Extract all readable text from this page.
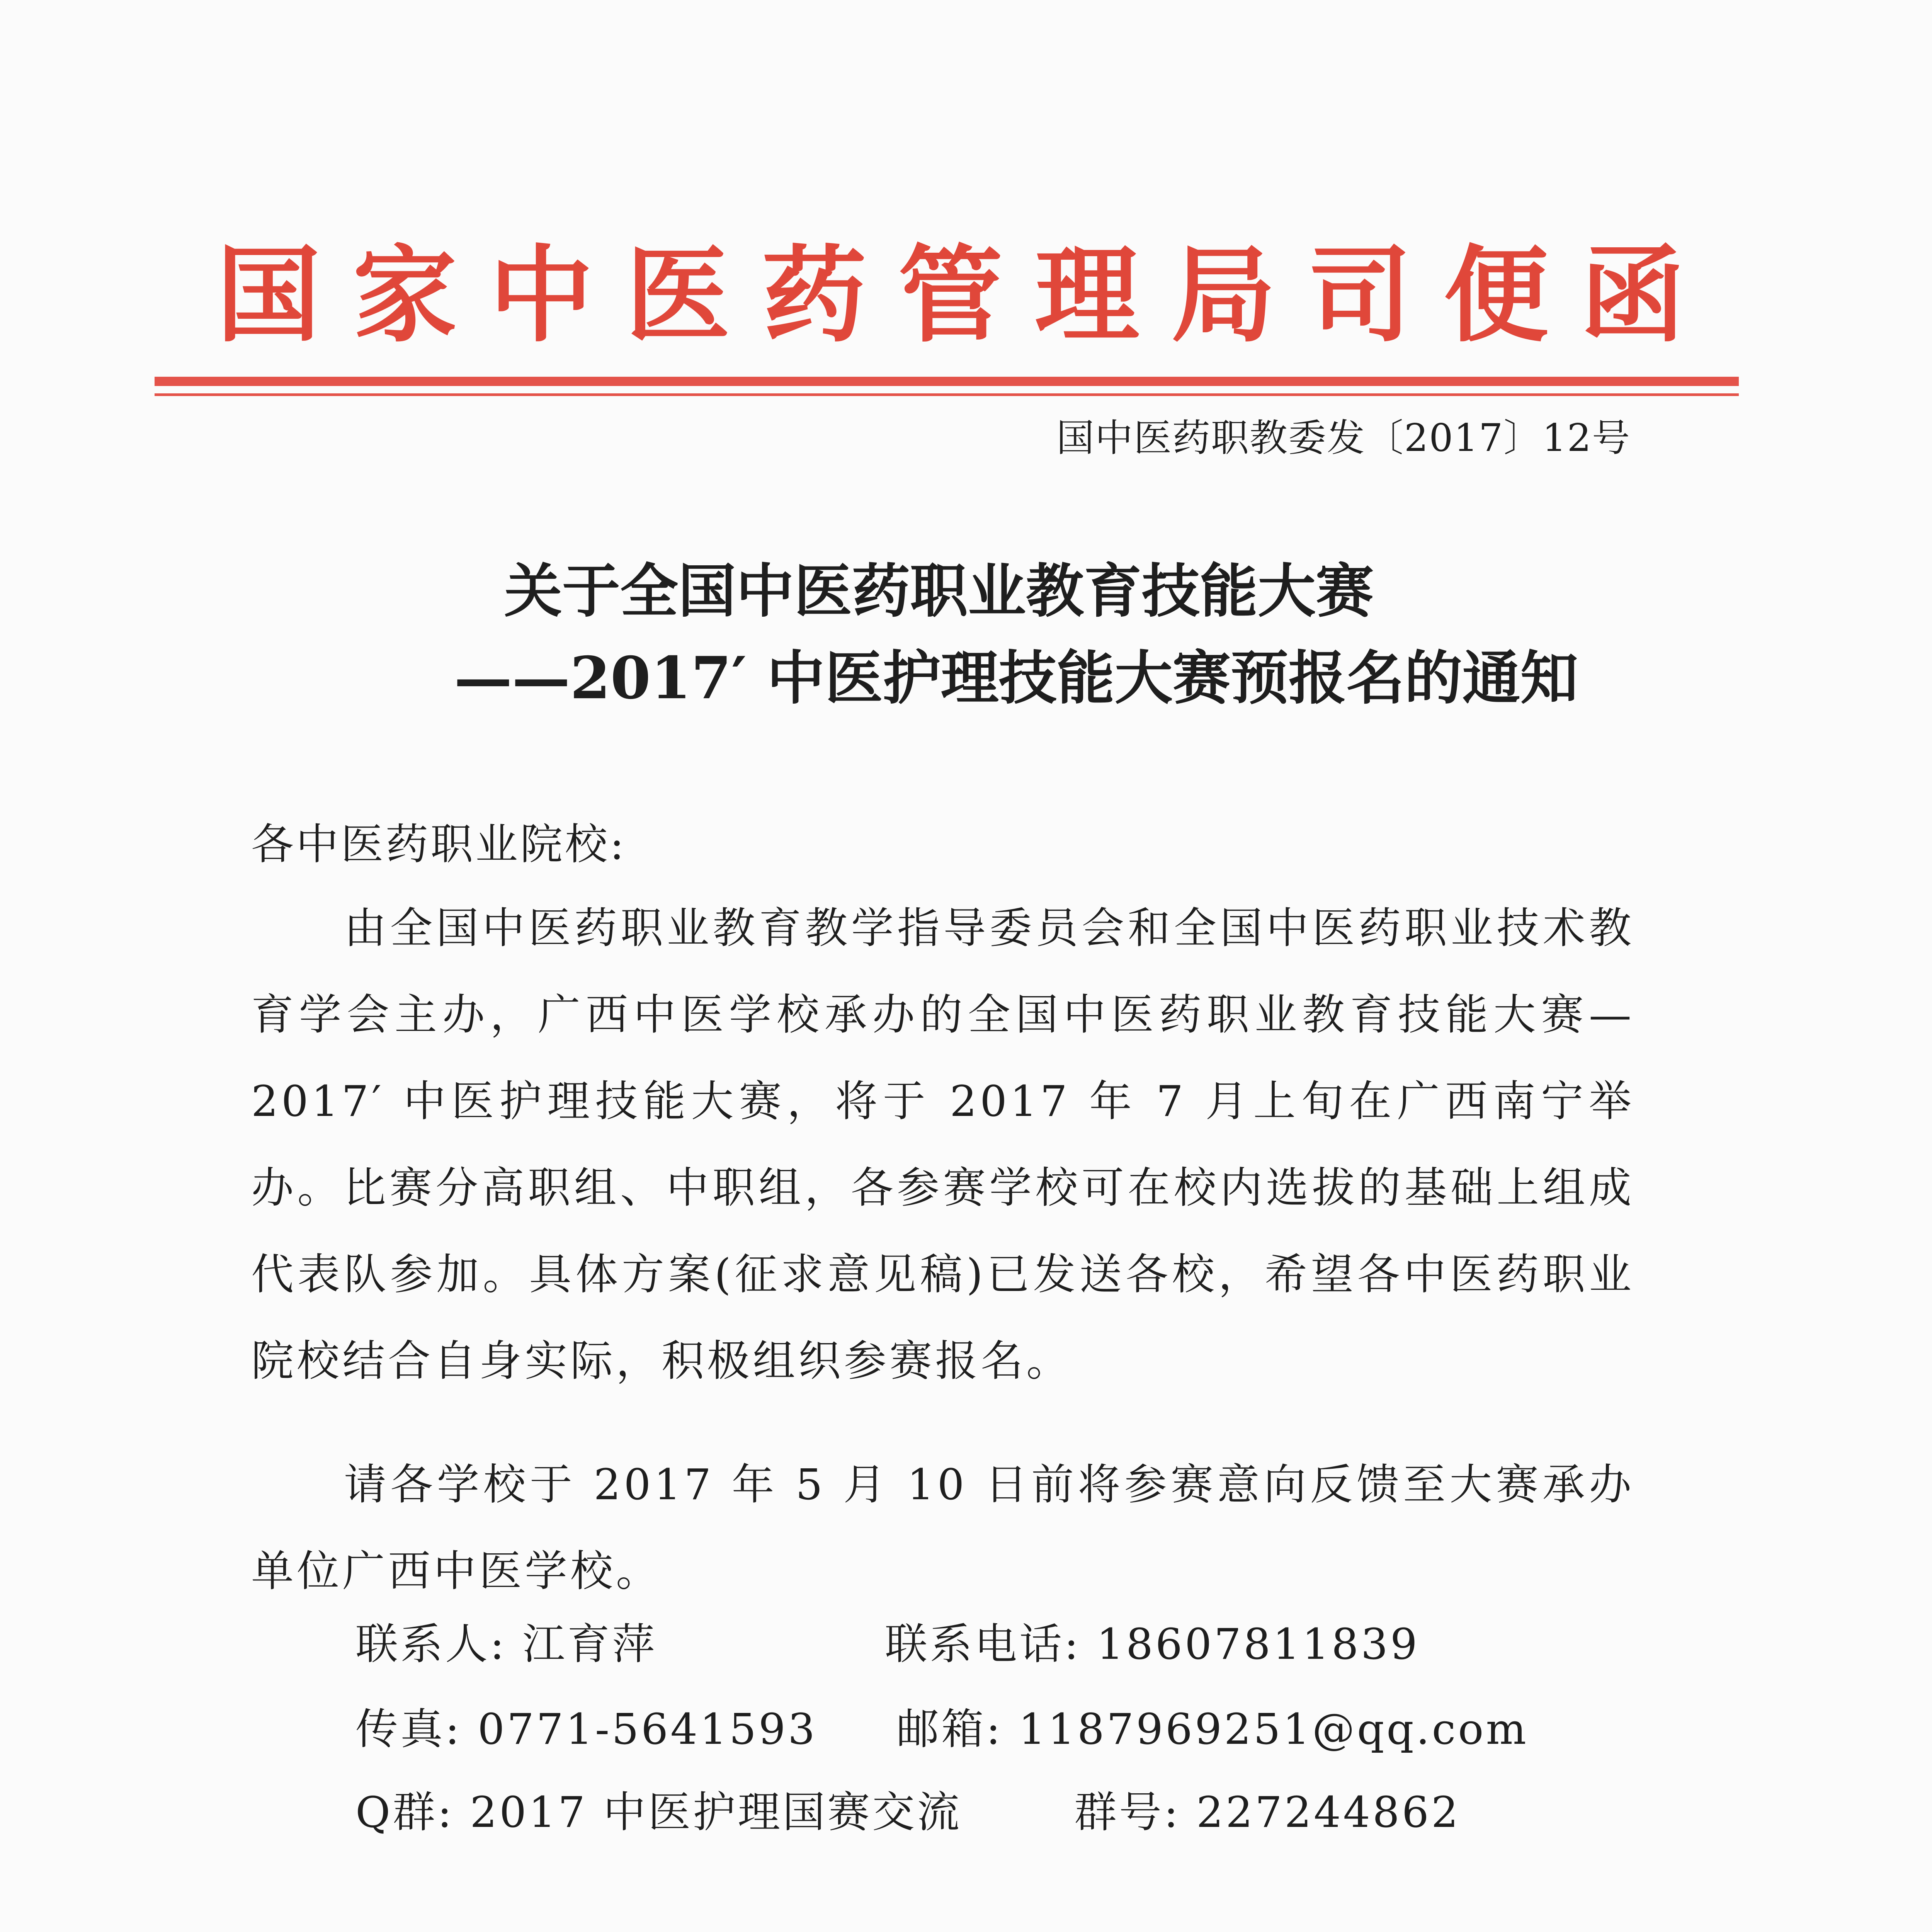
国 家 中 医 药 管 理 局 司 便 函
国中医药职教委发〔2017〕12号
关于全国中医药职业教育技能大赛
——2017′ 中医护理技能大赛预报名的通知
各中医药职业院校:
由全国中医药职业教育教学指导委员会和全国中医药职业技术教育学会主办，广西中医学校承办的全国中医药职业教育技能大赛—2017′ 中医护理技能大赛，将于 2017 年 7 月上旬在广西南宁举办。比赛分高职组、中职组，各参赛学校可在校内选拔的基础上组成代表队参加。具体方案(征求意见稿)已发送各校，希望各中医药职业院校结合自身实际，积极组织参赛报名。
请各学校于 2017 年 5 月 10 日前将参赛意向反馈至大赛承办单位广西中医学校。
联系人: 江育萍	联系电话: 18607811839
传真: 0771-5641593 邮箱: 1187969251@qq.com
Q群: 2017 中医护理国赛交流	群号: 227244862
